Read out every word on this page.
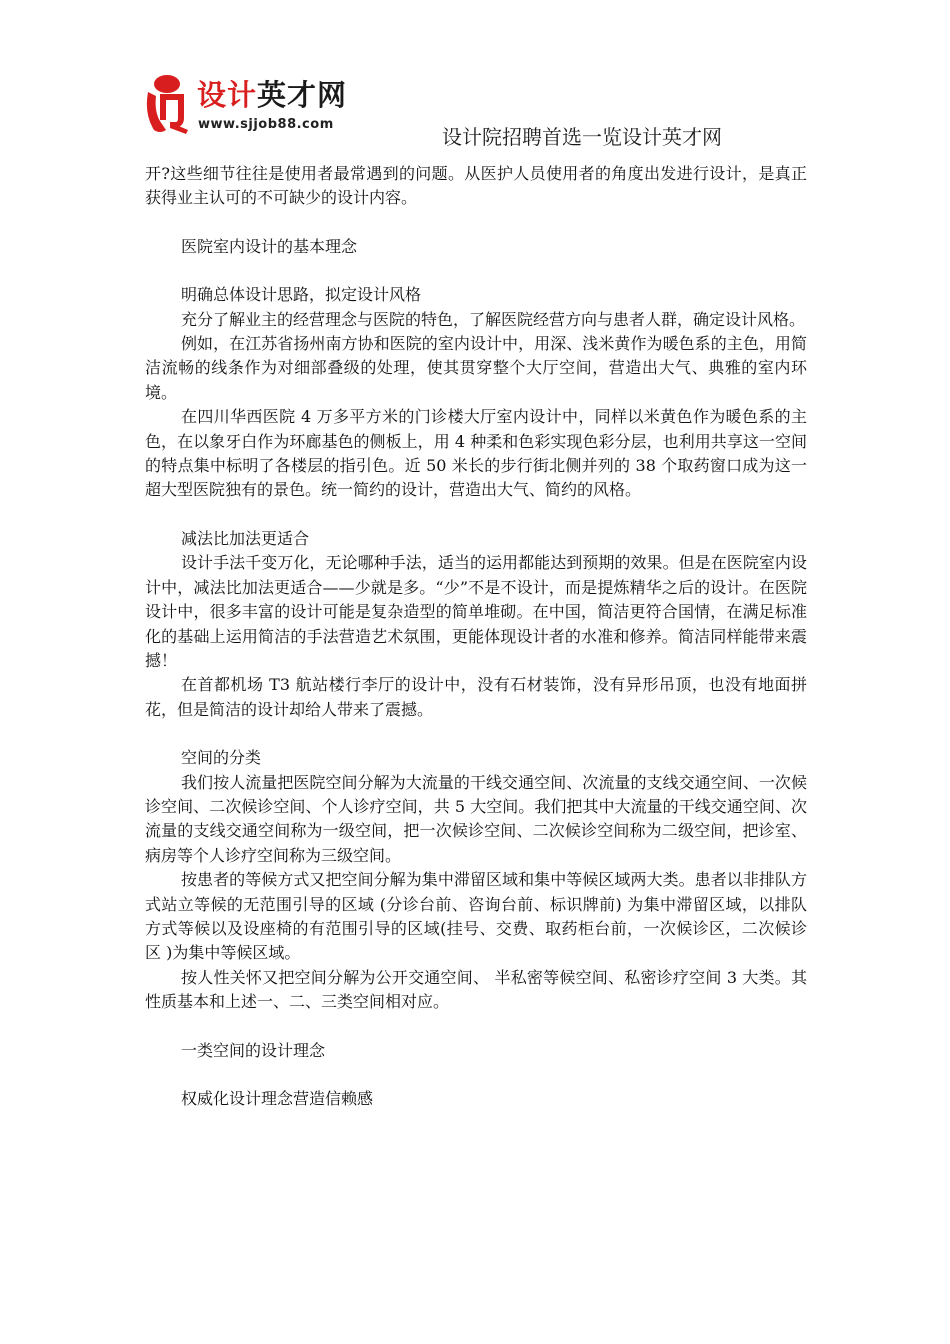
设计英才网
www.sjjob88.com
设计院招聘首选一览设计英才网

开?这些细节往往是使用者最常遇到的问题。从医护人员使用者的角度出发进行设计，是真正获得业主认可的不可缺少的设计内容。

医院室内设计的基本理念

明确总体设计思路，拟定设计风格

充分了解业主的经营理念与医院的特色，了解医院经营方向与患者人群，确定设计风格。

例如，在江苏省扬州南方协和医院的室内设计中，用深、浅米黄作为暖色系的主色，用简洁流畅的线条作为对细部叠级的处理，使其贯穿整个大厅空间，营造出大气、典雅的室内环境。

在四川华西医院 4 万多平方米的门诊楼大厅室内设计中，同样以米黄色作为暖色系的主色，在以象牙白作为环廊基色的侧板上，用 4 种柔和色彩实现色彩分层，也利用共享这一空间的特点集中标明了各楼层的指引色。近 50 米长的步行街北侧并列的 38 个取药窗口成为这一超大型医院独有的景色。统一简约的设计，营造出大气、简约的风格。

减法比加法更适合

设计手法千变万化，无论哪种手法，适当的运用都能达到预期的效果。但是在医院室内设计中，减法比加法更适合——少就是多。“少”不是不设计，而是提炼精华之后的设计。在医院设计中，很多丰富的设计可能是复杂造型的简单堆砌。在中国，简洁更符合国情，在满足标准化的基础上运用简洁的手法营造艺术氛围，更能体现设计者的水准和修养。简洁同样能带来震撼！

在首都机场 T3 航站楼行李厅的设计中，没有石材装饰，没有异形吊顶，也没有地面拼花，但是简洁的设计却给人带来了震撼。

空间的分类

我们按人流量把医院空间分解为大流量的干线交通空间、次流量的支线交通空间、一次候诊空间、二次候诊空间、个人诊疗空间，共 5 大空间。我们把其中大流量的干线交通空间、次流量的支线交通空间称为一级空间，把一次候诊空间、二次候诊空间称为二级空间，把诊室、病房等个人诊疗空间称为三级空间。

按患者的等候方式又把空间分解为集中滞留区域和集中等候区域两大类。患者以非排队方式站立等候的无范围引导的区域 (分诊台前、咨询台前、标识牌前) 为集中滞留区域，以排队方式等候以及设座椅的有范围引导的区域(挂号、交费、取药柜台前，一次候诊区，二次候诊区 )为集中等候区域。

按人性关怀又把空间分解为公开交通空间、 半私密等候空间、私密诊疗空间 3 大类。其性质基本和上述一、二、三类空间相对应。

一类空间的设计理念

权威化设计理念营造信赖感
